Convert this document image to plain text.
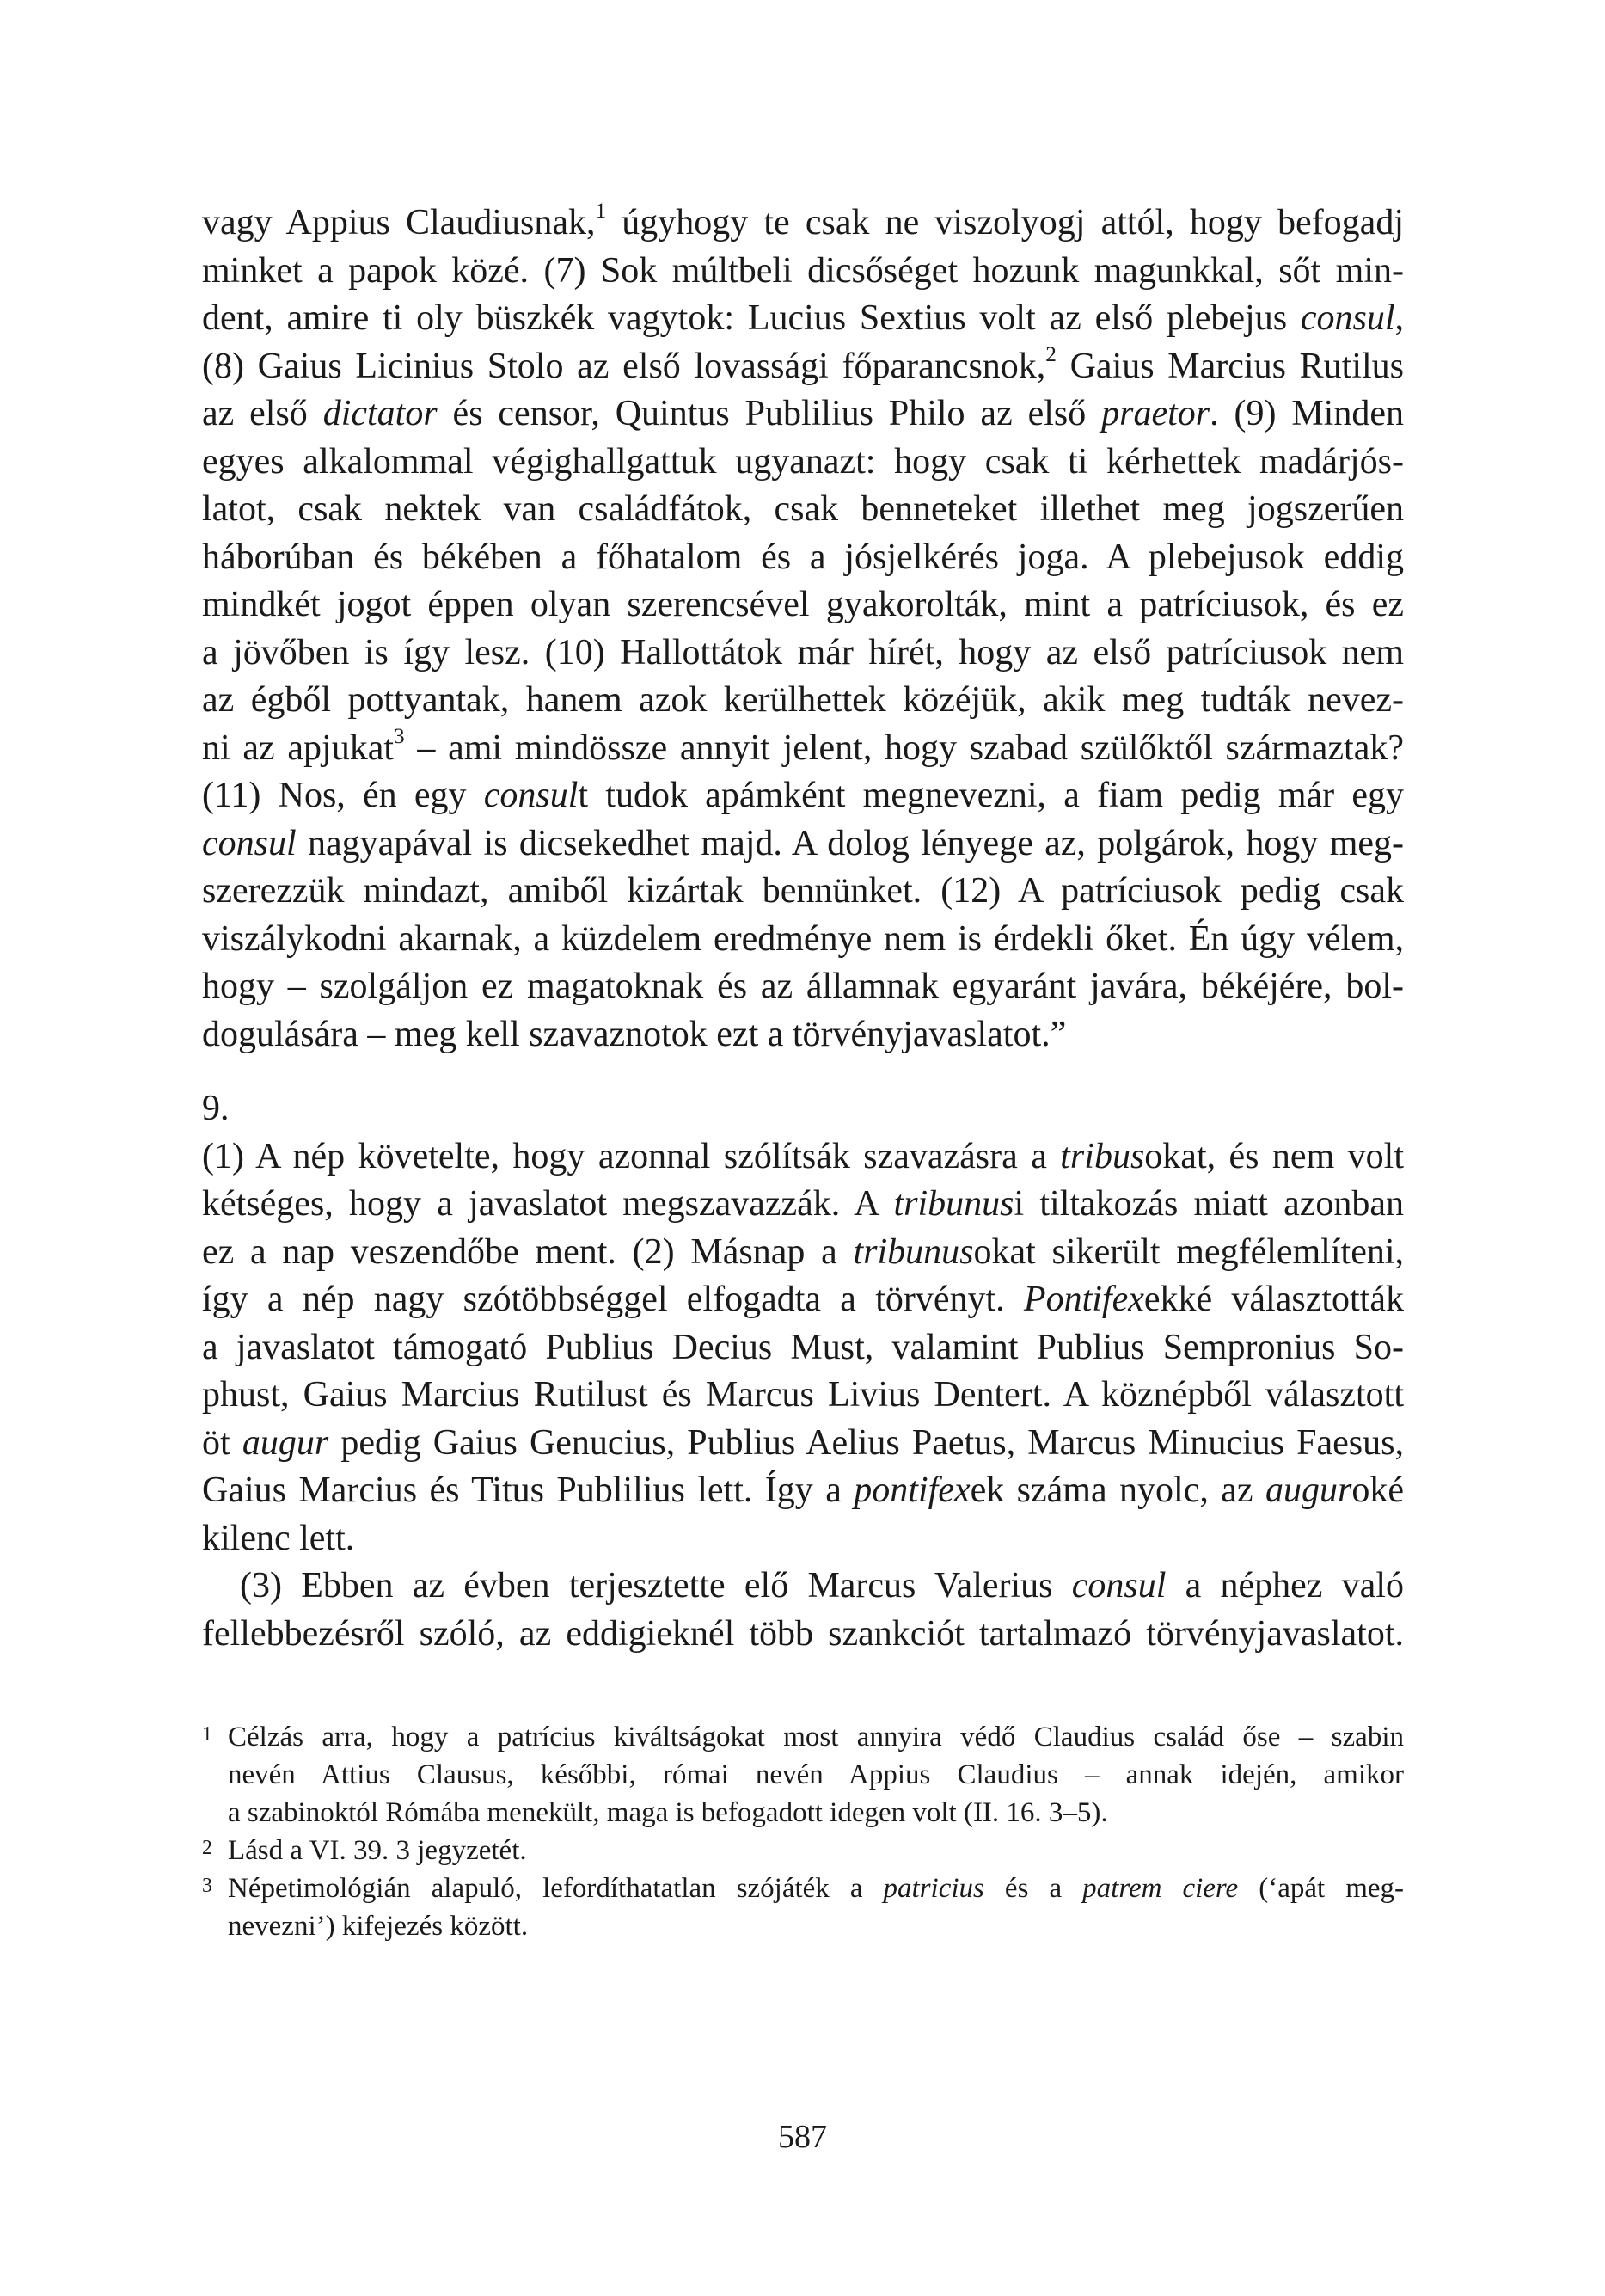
vagy Appius Claudiusnak,$^1$ úgyhogy te csak ne viszolyogj attól, hogy befogadj
minket a papok közé. (7) Sok múltbeli dicsőséget hozunk magunkkal, sőt min-
dent, amire ti oly büszkék vagytok: Lucius Sextius volt az első plebejus consul,
(8) Gaius Licinius Stolo az első lovassági főparancsnok,$^2$ Gaius Marcius Rutilus
az első dictator és censor, Quintus Publilius Philo az első praetor. (9) Minden
egyes alkalommal végighallgattuk ugyanazt: hogy csak ti kérhettek madárjós-
latot, csak nektek van családfátok, csak benneteket illethet meg jogszerűen
háborúban és békében a főhatalom és a jósjelkérés joga. A plebejusok eddig
mindkét jogot éppen olyan szerencsével gyakorolták, mint a patríciusok, és ez
a jövőben is így lesz. (10) Hallottátok már hírét, hogy az első patríciusok nem
az égből pottyantak, hanem azok kerülhettek közéjük, akik meg tudták nevez-
ni az apjukat$^3$ – ami mindössze annyit jelent, hogy szabad szülőktől származtak?
(11) Nos, én egy consult tudok apámként megnevezni, a fiam pedig már egy
consul nagyapával is dicsekedhet majd. A dolog lényege az, polgárok, hogy meg-
szerezzük mindazt, amiből kizártak bennünket. (12) A patríciusok pedig csak
viszálykodni akarnak, a küzdelem eredménye nem is érdekli őket. Én úgy vélem,
hogy – szolgáljon ez magatoknak és az államnak egyaránt javára, békéjére, bol-
dogulására – meg kell szavaznotok ezt a törvényjavaslatot.”
9.
(1) A nép követelte, hogy azonnal szólítsák szavazásra a tribusokat, és nem volt
kétséges, hogy a javaslatot megszavazzák. A tribunusi tiltakozás miatt azonban
ez a nap veszendőbe ment. (2) Másnap a tribunusokat sikerült megfélemlíteni,
így a nép nagy szótöbbséggel elfogadta a törvényt. Pontifexekké választották
a javaslatot támogató Publius Decius Must, valamint Publius Sempronius So-
phust, Gaius Marcius Rutilust és Marcus Livius Dentert. A köznépből választott
öt augur pedig Gaius Genucius, Publius Aelius Paetus, Marcus Minucius Faesus,
Gaius Marcius és Titus Publilius lett. Így a pontifexek száma nyolc, az auguroké
kilenc lett.
(3) Ebben az évben terjesztette elő Marcus Valerius consul a néphez való
fellebbezésről szóló, az eddigieknél több szankciót tartalmazó törvényjavaslatot.
1 Célzás arra, hogy a patrícius kiváltságokat most annyira védő Claudius család őse – szabin
nevén Attius Clausus, későbbi, római nevén Appius Claudius – annak idején, amikor
a szabinoktól Rómába menekült, maga is befogadott idegen volt (II. 16. 3–5).
2 Lásd a VI. 39. 3 jegyzetét.
3 Népetimológián alapuló, lefordíthatatlan szójáték a patricius és a patrem ciere (‘apát meg-
nevezni’) kifejezés között.
587
